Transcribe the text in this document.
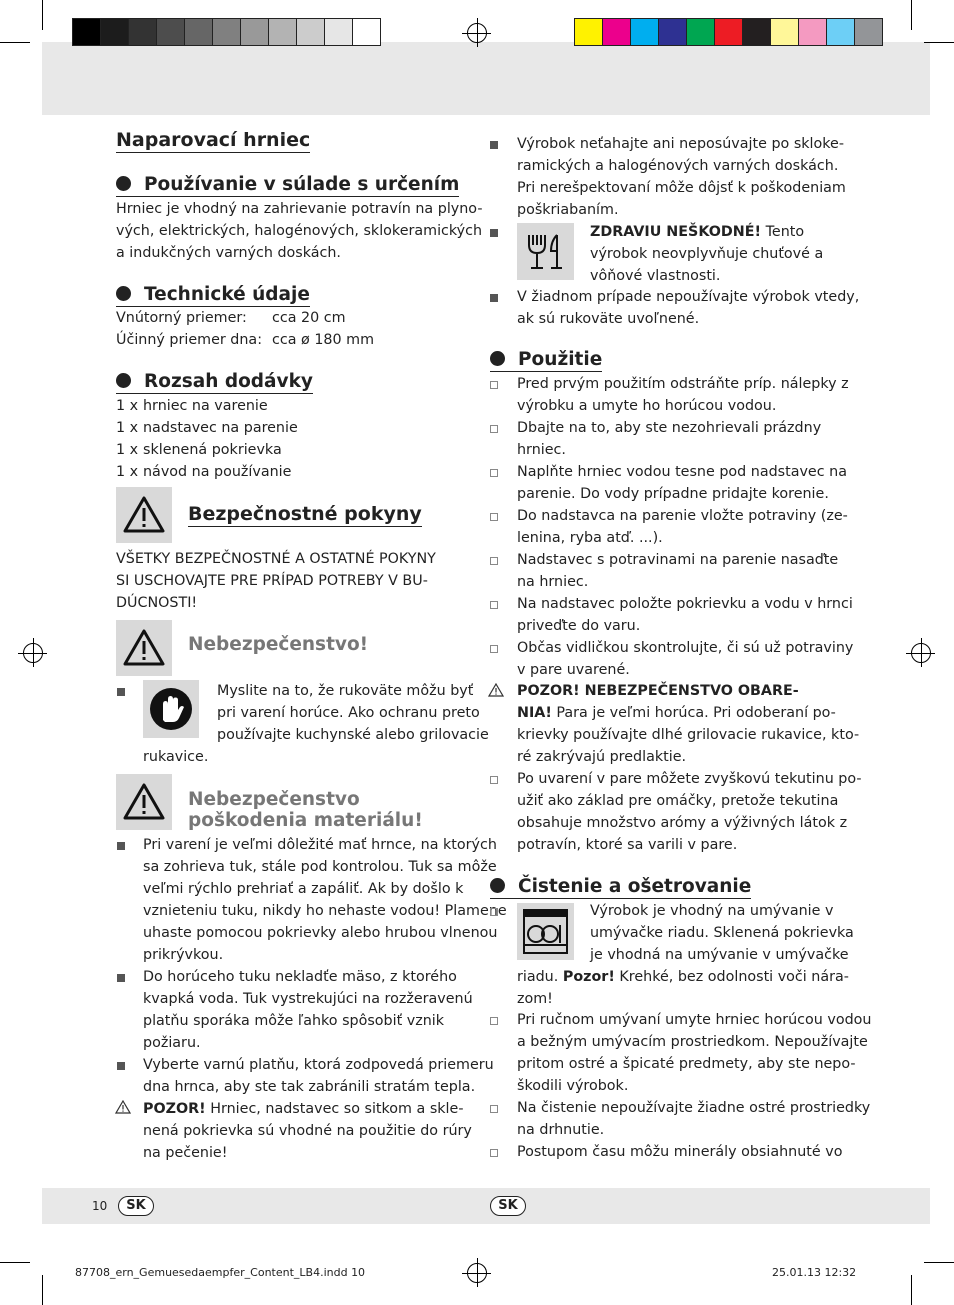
Naparovací hrniec
Používanie v súlade s určením
Hrniec je vhodný na zahrievanie potravín na plyno-
vých, elektrických, halogénových, sklokeramických
a indukčných varných doskách.
Technické údaje
Vnútorný priemer: cca 20 cm
Účinný priemer dna: cca ø 180 mm
Rozsah dodávky
1 x hrniec na varenie
1 x nadstavec na parenie
1 x sklenená pokrievka
1 x návod na používanie
Bezpečnostné pokyny
VŠETKY BEZPEČNOSTNÉ A OSTATNÉ POKYNY
SI USCHOVAJTE PRE PRÍPAD POTREBY V BU-
DÚCNOSTI!
Nebezpečenstvo!
Myslite na to, že rukoväte môžu byť
pri varení horúce. Ako ochranu preto
používajte kuchynské alebo grilovacie
rukavice.
Nebezpečenstvo
poškodenia materiálu!
Pri varení je veľmi dôležité mať hrnce, na ktorých
sa zohrieva tuk, stále pod kontrolou. Tuk sa môže
veľmi rýchlo prehriať a zapáliť. Ak by došlo k
vznieteniu tuku, nikdy ho nehaste vodou! Plamene
uhaste pomocou pokrievky alebo hrubou vlnenou
prikrývkou.
Do horúceho tuku nekladťe mäso, z ktorého
kvapká voda. Tuk vystrekujúci na rozžeravenú
platňu sporáka môže ľahko spôsobiť vznik
požiaru.
Vyberte varnú platňu, ktorá zodpovedá priemeru
dna hrnca, aby ste tak zabránili stratám tepla.
POZOR! Hrniec, nadstavec so sitkom a skle-
nená pokrievka sú vhodné na použitie do rúry
na pečenie!
Výrobok neťahajte ani neposúvajte po skloke-
ramických a halogénových varných doskách.
Pri nerešpektovaní môže dôjsť k poškodeniam
poškriabaním.
ZDRAVIU NEŠKODNÉ! Tento
výrobok neovplyvňuje chuťové a
vôňové vlastnosti.
V žiadnom prípade nepoužívajte výrobok vtedy,
ak sú rukoväte uvoľnené.
Použitie
Pred prvým použitím odstráňte príp. nálepky z
výrobku a umyte ho horúcou vodou.
Dbajte na to, aby ste nezohrievali prázdny
hrniec.
Naplňte hrniec vodou tesne pod nadstavec na
parenie. Do vody prípadne pridajte korenie.
Do nadstavca na parenie vložte potraviny (ze-
lenina, ryba atď. ...).
Nadstavec s potravinami na parenie nasaďte
na hrniec.
Na nadstavec položte pokrievku a vodu v hrnci
priveďte do varu.
Občas vidličkou skontrolujte, či sú už potraviny
v pare uvarené.
POZOR! NEBEZPEČENSTVO OBARE-
NIA! Para je veľmi horúca. Pri odoberaní po-
krievky používajte dlhé grilovacie rukavice, kto-
ré zakrývajú predlaktie.
Po uvarení v pare môžete zvyškovú tekutinu po-
užiť ako základ pre omáčky, pretože tekutina
obsahuje množstvo arómy a výživných látok z
potravín, ktoré sa varili v pare.
Čistenie a ošetrovanie
Výrobok je vhodný na umývanie v
umývačke riadu. Sklenená pokrievka
je vhodná na umývanie v umývačke
riadu. Pozor! Krehké, bez odolnosti voči nára-
zom!
Pri ručnom umývaní umyte hrniec horúcou vodou
a bežným umývacím prostriedkom. Nepoužívajte
pritom ostré a špicaté predmety, aby ste nepo-
škodili výrobok.
Na čistenie nepoužívajte žiadne ostré prostriedky
na drhnutie.
Postupom času môžu minerály obsiahnuté vo
10	SK	SK
87708_ern_Gemuesedaempfer_Content_LB4.indd 10	25.01.13 12:32
